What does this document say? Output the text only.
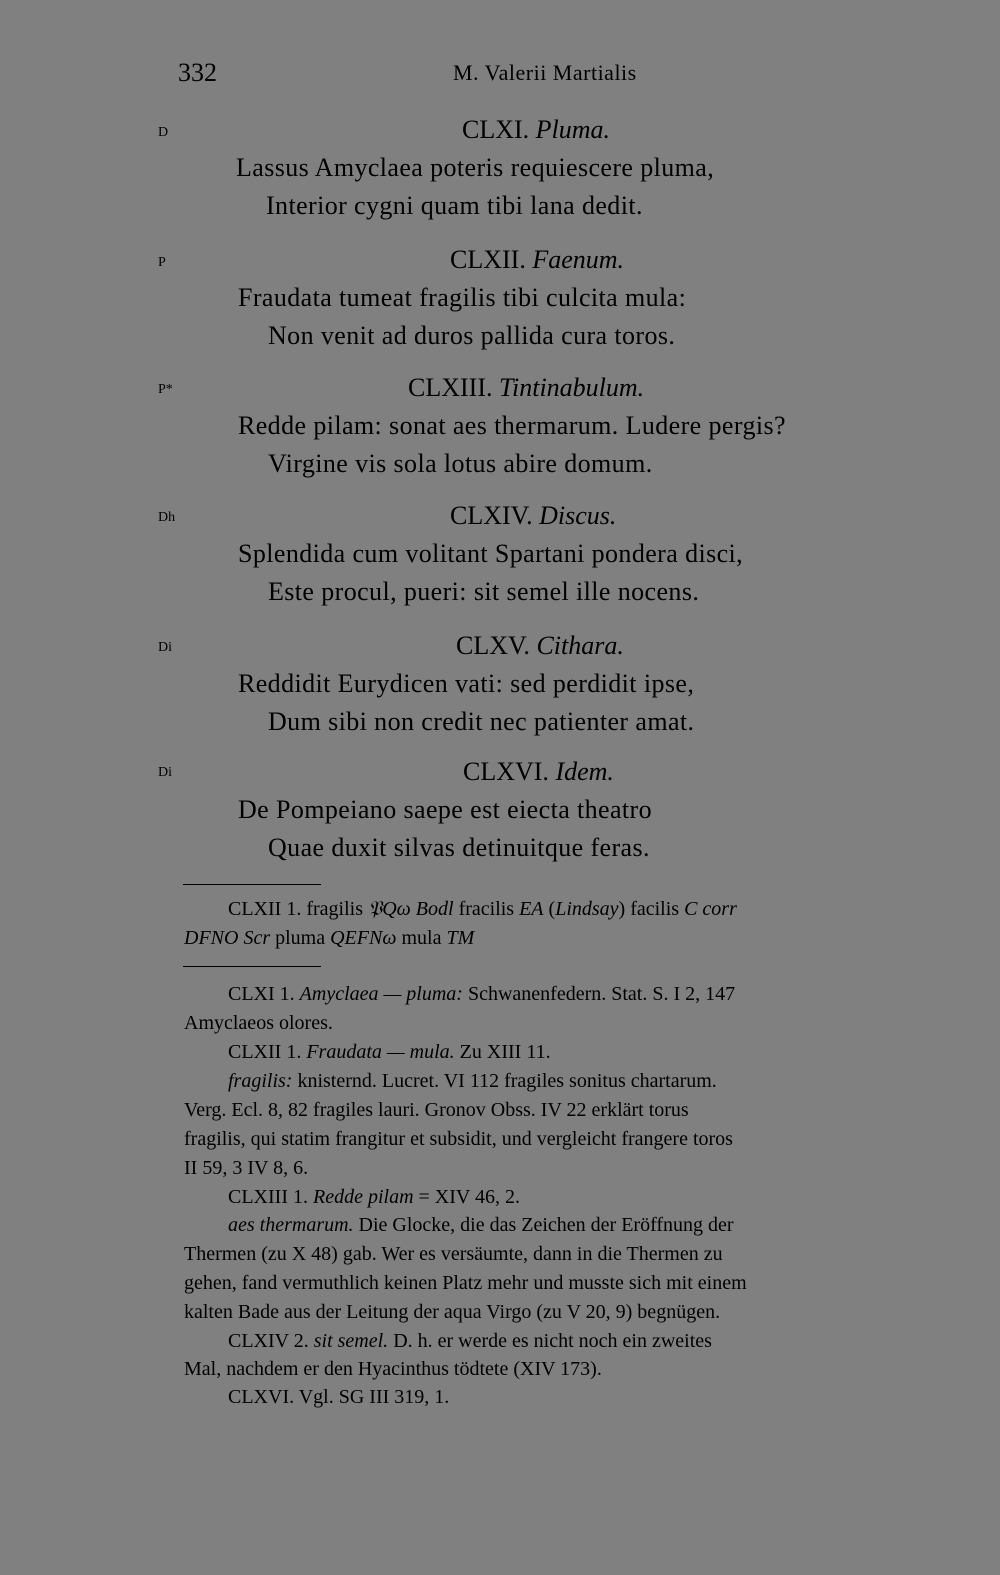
332	M. Valerii Martialis
D	CLXI. Pluma.
Lassus Amyclaea poteris requiescere pluma,
Interior cygni quam tibi lana dedit.
P	CLXII. Faenum.
Fraudata tumeat fragilis tibi culcita mula:
Non venit ad duros pallida cura toros.
P*	CLXIII. Tintinabulum.
Redde pilam: sonat aes thermarum. Ludere pergis?
Virgine vis sola lotus abire domum.
Dh	CLXIV. Discus.
Splendida cum volitant Spartani pondera disci,
Este procul, pueri: sit semel ille nocens.
Di	CLXV. Cithara.
Reddidit Eurydicen vati: sed perdidit ipse,
Dum sibi non credit nec patienter amat.
Di	CLXVI. Idem.
De Pompeiano saepe est eiecta theatro
Quae duxit silvas detinuitque feras.
CLXII 1. fragilis 𝔓Qω Bodl fracilis EA (Lindsay) facilis C corr
DFNO Scr pluma QEFNω mula TM
CLXI 1. Amyclaea — pluma: Schwanenfedern. Stat. S. I 2, 147
Amyclaeos olores.
CLXII 1. Fraudata — mula. Zu XIII 11.
fragilis: knisternd. Lucret. VI 112 fragiles sonitus chartarum.
Verg. Ecl. 8, 82 fragiles lauri. Gronov Obss. IV 22 erklärt torus
fragilis, qui statim frangitur et subsidit, und vergleicht frangere toros
II 59, 3 IV 8, 6.
CLXIII 1. Redde pilam = XIV 46, 2.
aes thermarum. Die Glocke, die das Zeichen der Eröffnung der
Thermen (zu X 48) gab. Wer es versäumte, dann in die Thermen zu
gehen, fand vermuthlich keinen Platz mehr und musste sich mit einem
kalten Bade aus der Leitung der aqua Virgo (zu V 20, 9) begnügen.
CLXIV 2. sit semel. D. h. er werde es nicht noch ein zweites
Mal, nachdem er den Hyacinthus tödtete (XIV 173).
CLXVI. Vgl. SG III 319, 1.
